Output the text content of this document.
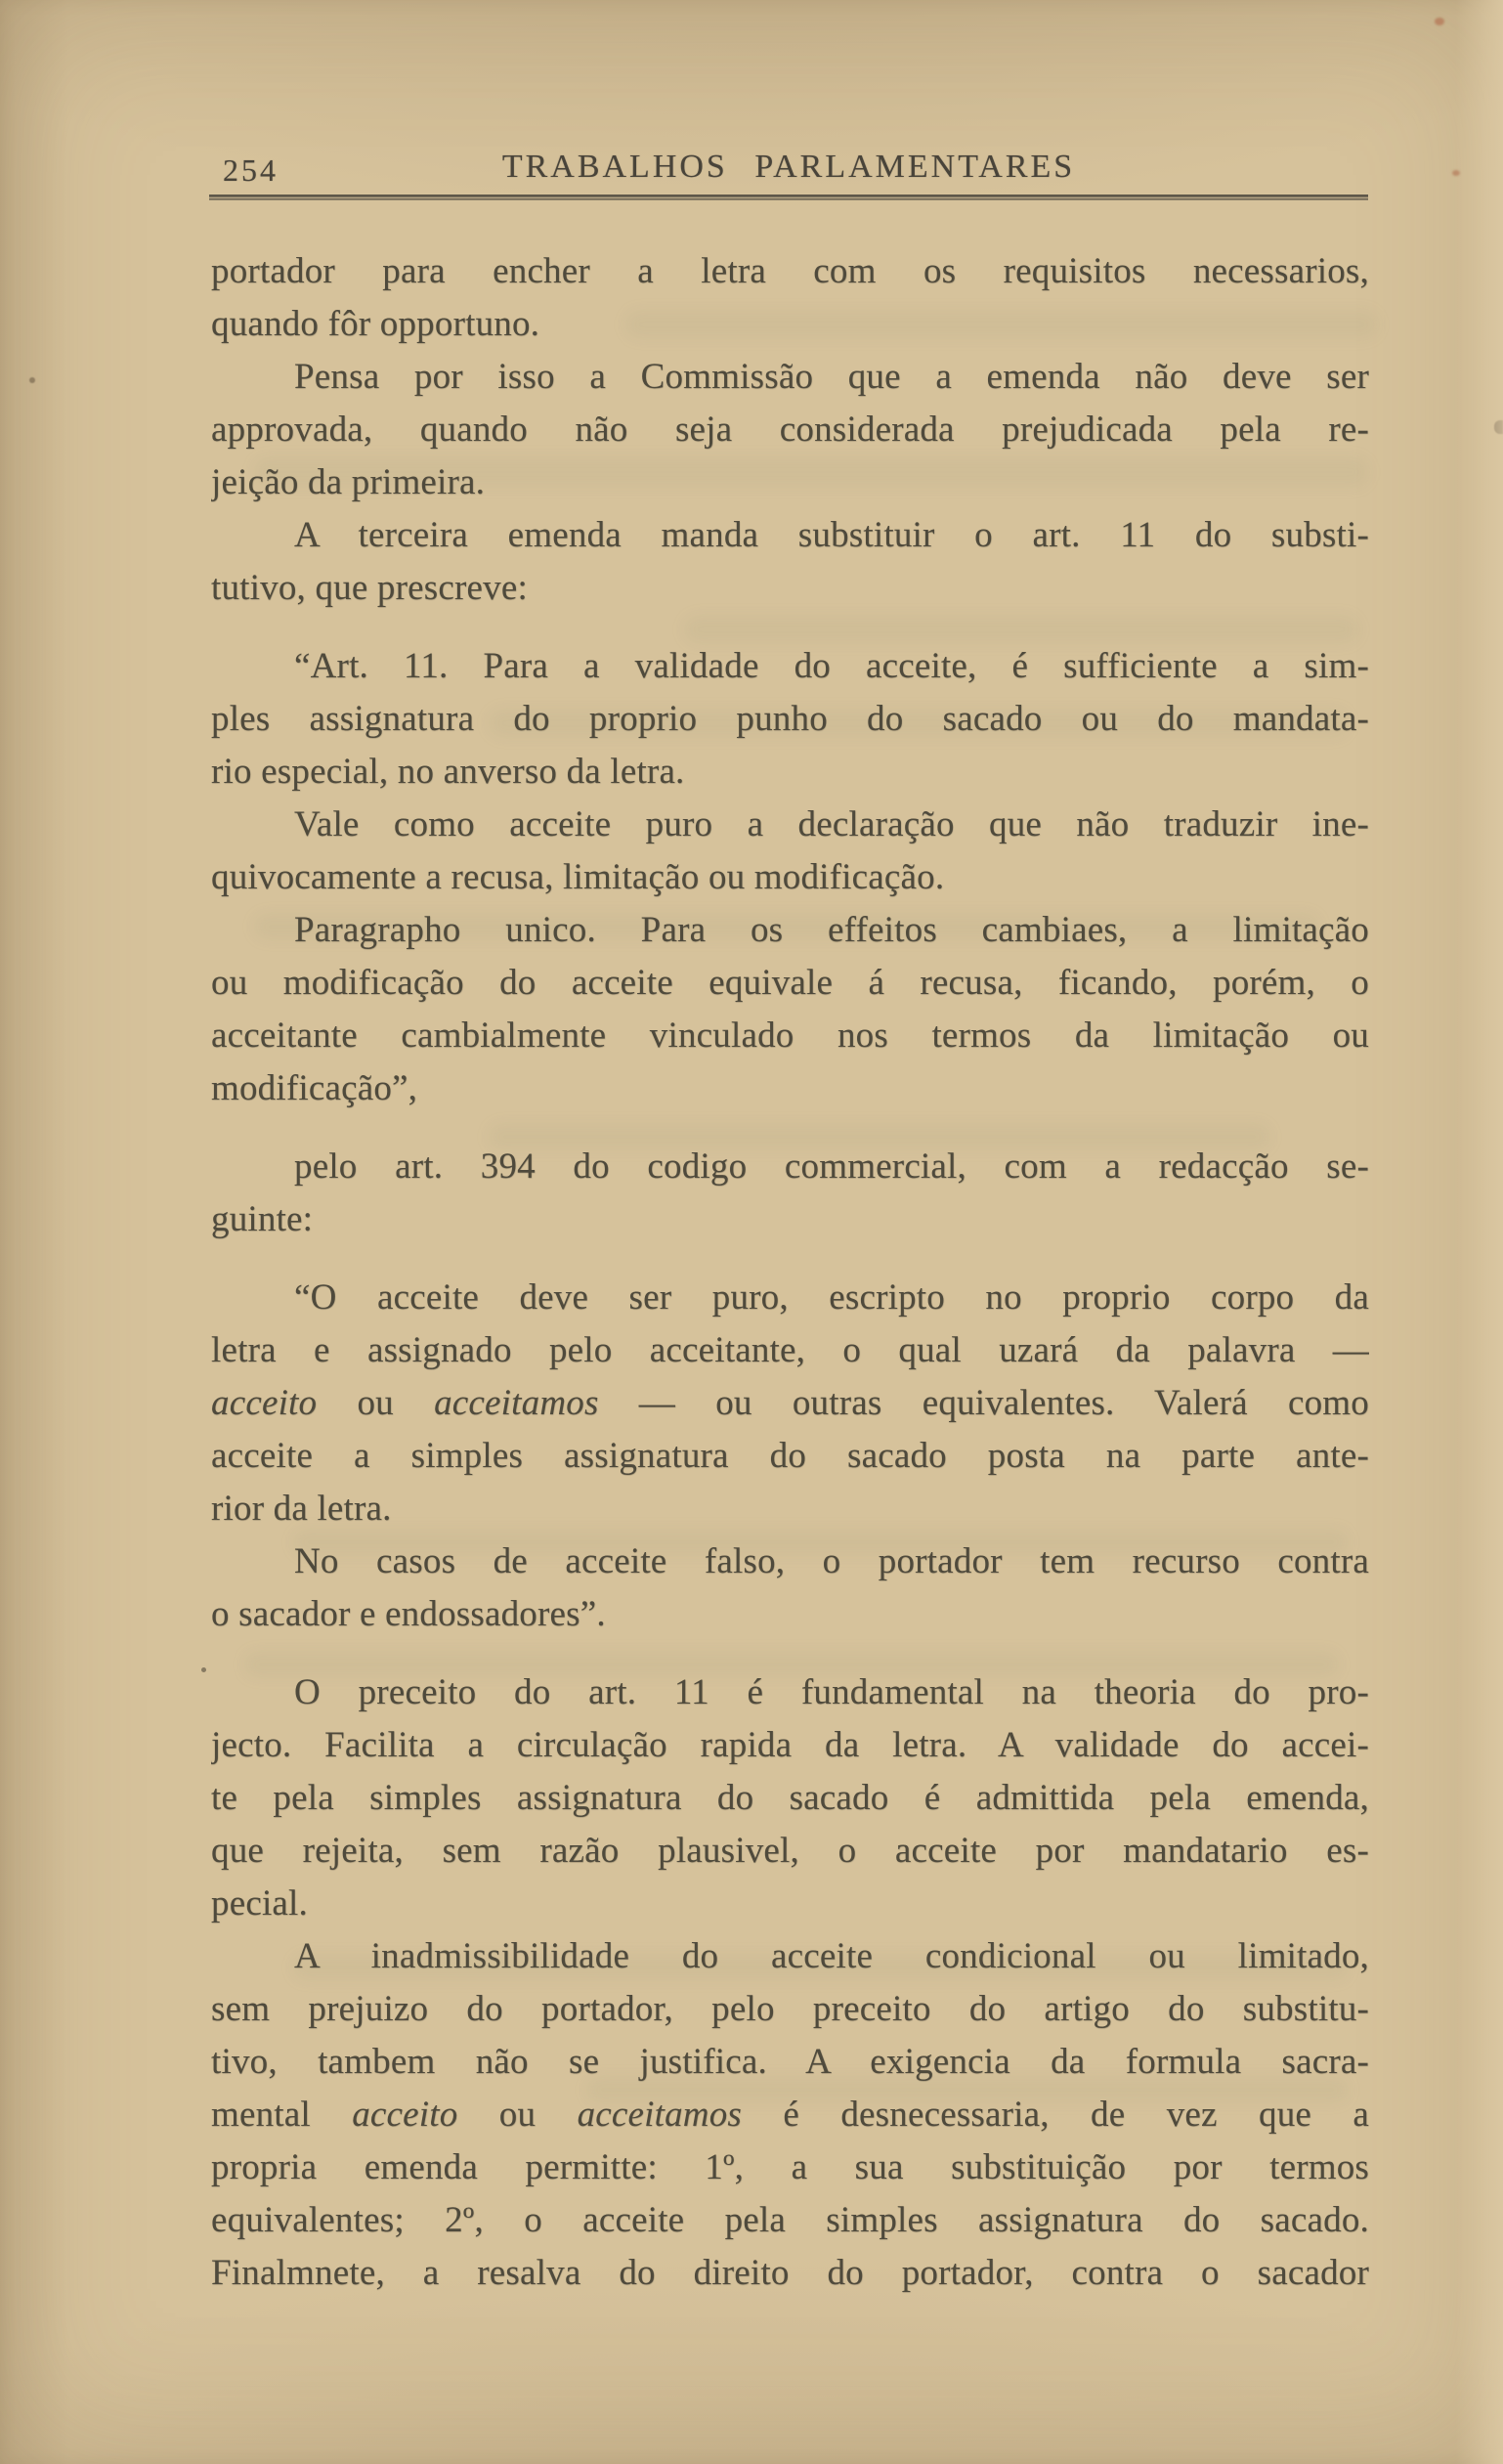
254	TRABALHOS PARLAMENTARES
portador para encher a letra com os requisitos necessarios,
quando fôr opportuno.
Pensa por isso a Commissão que a emenda não deve ser
approvada, quando não seja considerada prejudicada pela re-
jeição da primeira.
A terceira emenda manda substituir o art. 11 do substi-
tutivo, que prescreve:
“Art. 11. Para a validade do acceite, é sufficiente a sim-
ples assignatura do proprio punho do sacado ou do mandata-
rio especial, no anverso da letra.
Vale como acceite puro a declaração que não traduzir ine-
quivocamente a recusa, limitação ou modificação.
Paragrapho unico. Para os effeitos cambiaes, a limitação
ou modificação do acceite equivale á recusa, ficando, porém, o
acceitante cambialmente vinculado nos termos da limitação ou
modificação”,
pelo art. 394 do codigo commercial, com a redacção se-
guinte:
“O acceite deve ser puro, escripto no proprio corpo da
letra e assignado pelo acceitante, o qual uzará da palavra —
acceito ou acceitamos — ou outras equivalentes. Valerá como
acceite a simples assignatura do sacado posta na parte ante-
rior da letra.
No casos de acceite falso, o portador tem recurso contra
o sacador e endossadores”.
O preceito do art. 11 é fundamental na theoria do pro-
jecto. Facilita a circulação rapida da letra. A validade do accei-
te pela simples assignatura do sacado é admittida pela emenda,
que rejeita, sem razão plausivel, o acceite por mandatario es-
pecial.
A inadmissibilidade do acceite condicional ou limitado,
sem prejuizo do portador, pelo preceito do artigo do substitu-
tivo, tambem não se justifica. A exigencia da formula sacra-
mental acceito ou acceitamos é desnecessaria, de vez que a
propria emenda permitte: 1º, a sua substituição por termos
equivalentes; 2º, o acceite pela simples assignatura do sacado.
Finalmnete, a resalva do direito do portador, contra o sacador
